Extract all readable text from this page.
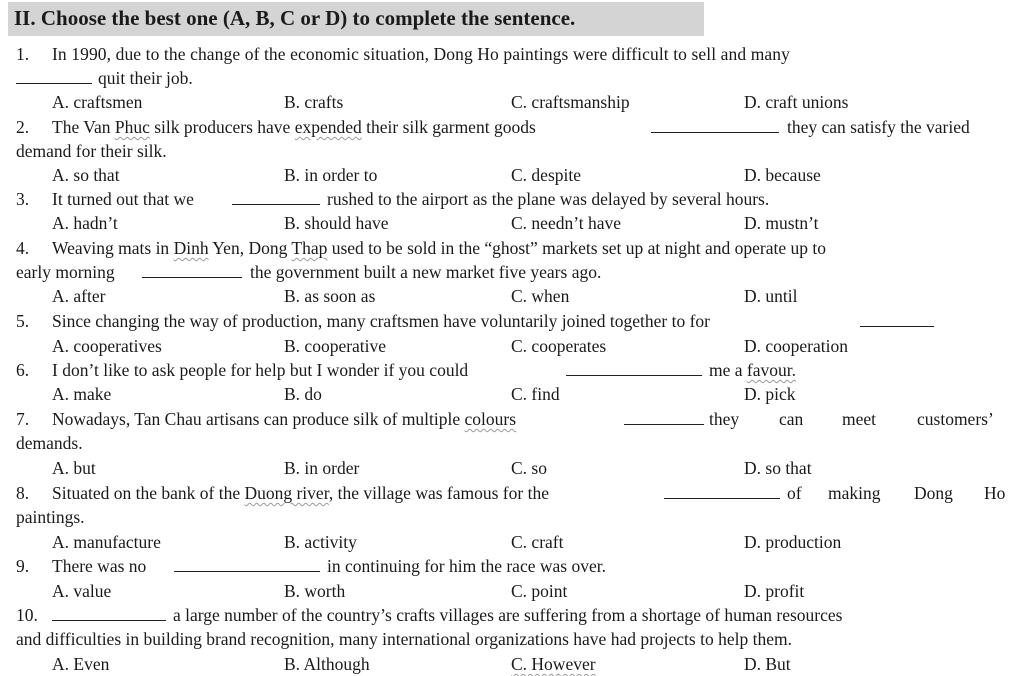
II. Choose the best one (A, B, C or D) to complete the sentence.
1. In 1990, due to the change of the economic situation, Dong Ho paintings were difficult to sell and many
quit their job.
A. craftsmen	B. crafts	C. craftsmanship	D. craft unions
2. The Van Phuc silk producers have expended their silk garment goods	they can satisfy the varied
demand for their silk.
A. so that	B. in order to	C. despite	D. because
3. It turned out that we	rushed to the airport as the plane was delayed by several hours.
A. hadn’t	B. should have	C. needn’t have	D. mustn’t
4. Weaving mats in Dinh Yen, Dong Thap used to be sold in the “ghost” markets set up at night and operate up to
early morning	the government built a new market five years ago.
A. after	B. as soon as	C. when	D. until
5. Since changing the way of production, many craftsmen have voluntarily joined together to for
A. cooperatives	B. cooperative	C. cooperates	D. cooperation
6. I don’t like to ask people for help but I wonder if you could	me a favour.
A. make	B. do	C. find	D. pick
7. Nowadays, Tan Chau artisans can produce silk of multiple colours	they can meet customers’
demands.
A. but	B. in order	C. so	D. so that
8. Situated on the bank of the Duong river, the village was famous for the	of making Dong Ho
paintings.
A. manufacture	B. activity	C. craft	D. production
9. There was no	in continuing for him the race was over.
A. value	B. worth	C. point	D. profit
10.	a large number of the country’s crafts villages are suffering from a shortage of human resources
and difficulties in building brand recognition, many international organizations have had projects to help them.
A. Even	B. Although	C. However	D. But
